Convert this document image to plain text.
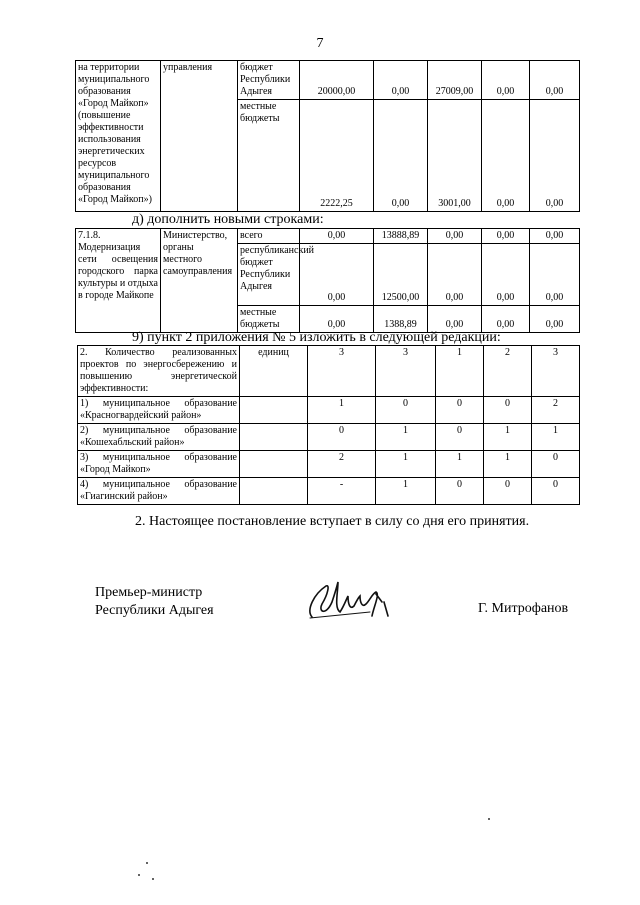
7
на территории муниципального образования «Город Майкоп» (повышение эффективности использования энергетических ресурсов муниципального образования «Город Майкоп»)	управления	бюджет Республики Адыгея	20000,00	0,00	27009,00	0,00	0,00
		местные бюджеты	2222,25	0,00	3001,00	0,00	0,00
д) дополнить новыми строками:
7.1.8. Модернизация сети освещения городского парка культуры и отдыха в городе Майкопе	Министерство, органы местного самоуправления	всего	0,00	13888,89	0,00	0,00	0,00
		республиканский бюджет Республики Адыгея	0,00	12500,00	0,00	0,00	0,00
		местные бюджеты	0,00	1388,89	0,00	0,00	0,00
9) пункт 2 приложения № 5 изложить в следующей редакции:
2. Количество реализованных проектов по энергосбережению и повышению энергетической эффективности:	единиц	3	3	1	2	3
1) муниципальное образование «Красногвардейский район»		1	0	0	0	2
2) муниципальное образование «Кошехабльский район»		0	1	0	1	1
3) муниципальное образование «Город Майкоп»		2	1	1	1	0
4) муниципальное образование «Гиагинский район»		-	1	0	0	0
2. Настоящее постановление вступает в силу со дня его принятия.
Премьер-министр
Республики Адыгея	Г. Митрофанов
